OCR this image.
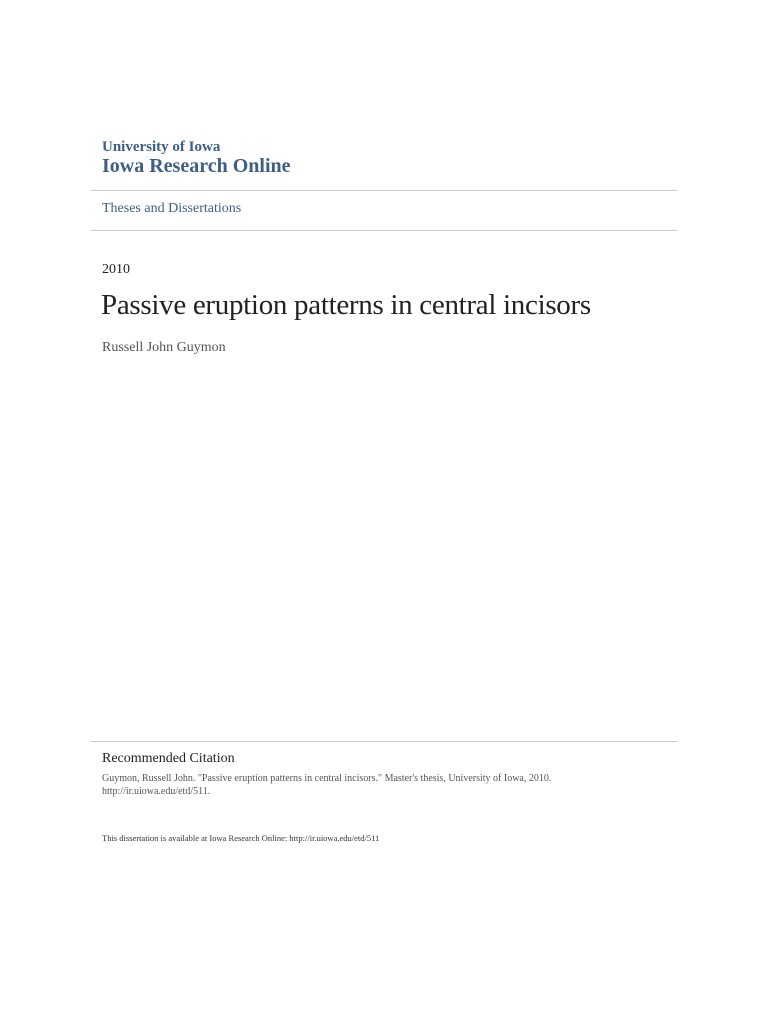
University of Iowa
Iowa Research Online
Theses and Dissertations
2010
Passive eruption patterns in central incisors
Russell John Guymon
Recommended Citation
Guymon, Russell John. "Passive eruption patterns in central incisors." Master's thesis, University of Iowa, 2010.
http://ir.uiowa.edu/etd/511.
This dissertation is available at Iowa Research Online: http://ir.uiowa.edu/etd/511
